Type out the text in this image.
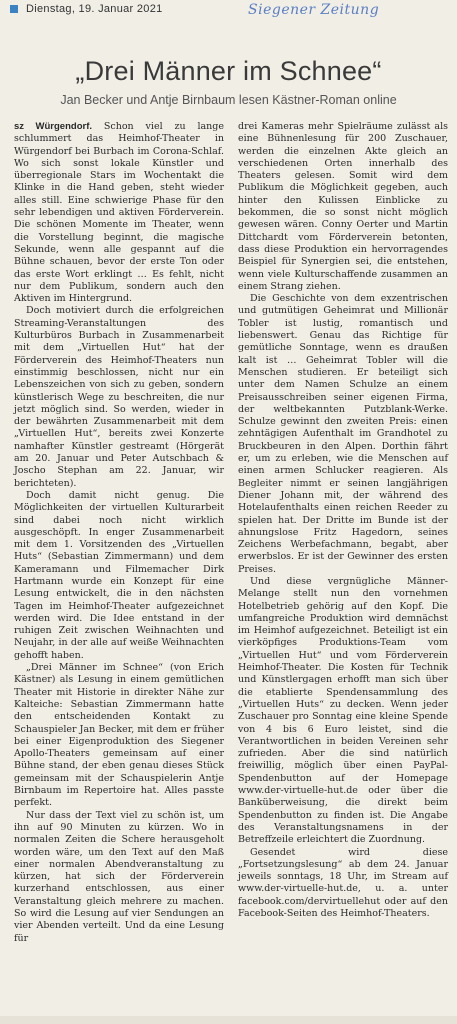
Dienstag, 19. Januar 2021	Siegener Zeitung
„Drei Männer im Schnee“
Jan Becker und Antje Birnbaum lesen Kästner-Roman online

sz Würgendorf. Schon viel zu lange schlummert das Heimhof-Theater in Würgendorf bei Burbach im Corona-Schlaf. Wo sich sonst lokale Künstler und überregionale Stars im Wochentakt die Klinke in die Hand geben, steht wieder alles still. Eine schwierige Phase für den sehr lebendigen und aktiven Förderverein. Die schönen Momente im Theater, wenn die Vorstellung beginnt, die magische Sekunde, wenn alle gespannt auf die Bühne schauen, bevor der erste Ton oder das erste Wort erklingt … Es fehlt, nicht nur dem Publikum, sondern auch den Aktiven im Hintergrund.

Doch motiviert durch die erfolgreichen Streaming-Veranstaltungen des Kulturbüros Burbach in Zusammenarbeit mit dem „Virtuellen Hut“ hat der Förderverein des Heimhof-Theaters nun einstimmig beschlossen, nicht nur ein Lebenszeichen von sich zu geben, sondern künstlerisch Wege zu beschreiten, die nur jetzt möglich sind. So werden, wieder in der bewährten Zusammenarbeit mit dem „Virtuellen Hut“, bereits zwei Konzerte namhafter Künstler gestreamt (Hörgerät am 20. Januar und Peter Autschbach & Joscho Stephan am 22. Januar, wir berichteten).

Doch damit nicht genug. Die Möglichkeiten der virtuellen Kulturarbeit sind dabei noch nicht wirklich ausgeschöpft. In enger Zusammenarbeit mit dem 1. Vorsitzenden des „Virtuellen Huts“ (Sebastian Zimmermann) und dem Kameramann und Filmemacher Dirk Hartmann wurde ein Konzept für eine Lesung entwickelt, die in den nächsten Tagen im Heimhof-Theater aufgezeichnet werden wird. Die Idee entstand in der ruhigen Zeit zwischen Weihnachten und Neujahr, in der alle auf weiße Weihnachten gehofft haben.

„Drei Männer im Schnee“ (von Erich Kästner) als Lesung in einem gemütlichen Theater mit Historie in direkter Nähe zur Kalteiche: Sebastian Zimmermann hatte den entscheidenden Kontakt zu Schauspieler Jan Becker, mit dem er früher bei einer Eigenproduktion des Siegener Apollo-Theaters gemeinsam auf einer Bühne stand, der eben genau dieses Stück gemeinsam mit der Schauspielerin Antje Birnbaum im Repertoire hat. Alles passte perfekt.

Nur dass der Text viel zu schön ist, um ihn auf 90 Minuten zu kürzen. Wo in normalen Zeiten die Schere herausgeholt worden wäre, um den Text auf den Maß einer normalen Abendveranstaltung zu kürzen, hat sich der Förderverein kurzerhand entschlossen, aus einer Veranstaltung gleich mehrere zu machen. So wird die Lesung auf vier Sendungen an vier Abenden verteilt. Und da eine Lesung für

drei Kameras mehr Spielräume zulässt als eine Bühnenlesung für 200 Zuschauer, werden die einzelnen Akte gleich an verschiedenen Orten innerhalb des Theaters gelesen. Somit wird dem Publikum die Möglichkeit gegeben, auch hinter den Kulissen Einblicke zu bekommen, die so sonst nicht möglich gewesen wären. Conny Oerter und Martin Dittchardt vom Förderverein betonten, dass diese Produktion ein hervorragendes Beispiel für Synergien sei, die entstehen, wenn viele Kulturschaffende zusammen an einem Strang ziehen.

Die Geschichte von dem exzentrischen und gutmütigen Geheimrat und Millionär Tobler ist lustig, romantisch und liebenswert. Genau das Richtige für gemütliche Sonntage, wenn es draußen kalt ist … Geheimrat Tobler will die Menschen studieren. Er beteiligt sich unter dem Namen Schulze an einem Preisausschreiben seiner eigenen Firma, der weltbekannten Putzblank-Werke. Schulze gewinnt den zweiten Preis: einen zehntägigen Aufenthalt im Grandhotel zu Bruckbeuren in den Alpen. Dorthin fährt er, um zu erleben, wie die Menschen auf einen armen Schlucker reagieren. Als Begleiter nimmt er seinen langjährigen Diener Johann mit, der während des Hotelaufenthalts einen reichen Reeder zu spielen hat. Der Dritte im Bunde ist der ahnungslose Fritz Hagedorn, seines Zeichens Werbefachmann, begabt, aber erwerbslos. Er ist der Gewinner des ersten Preises.

Und diese vergnügliche Männer-Melange stellt nun den vornehmen Hotelbetrieb gehörig auf den Kopf. Die umfangreiche Produktion wird demnächst im Heimhof aufgezeichnet. Beteiligt ist ein vierköpfiges Produktions-Team vom „Virtuellen Hut“ und vom Förderverein Heimhof-Theater. Die Kosten für Technik und Künstlergagen erhofft man sich über die etablierte Spendensammlung des „Virtuellen Huts“ zu decken. Wenn jeder Zuschauer pro Sonntag eine kleine Spende von 4 bis 6 Euro leistet, sind die Verantwortlichen in beiden Vereinen sehr zufrieden. Aber die sind natürlich freiwillig, möglich über einen PayPal-Spendenbutton auf der Homepage www.der-virtuelle-hut.de oder über die Banküberweisung, die direkt beim Spendenbutton zu finden ist. Die Angabe des Veranstaltungsnamens in der Betreffzeile erleichtert die Zuordnung.

Gesendet wird diese „Fortsetzungslesung“ ab dem 24. Januar jeweils sonntags, 18 Uhr, im Stream auf www.der-virtuelle-hut.de, u. a. unter facebook.com/dervirtuellehut oder auf den Facebook-Seiten des Heimhof-Theaters.
